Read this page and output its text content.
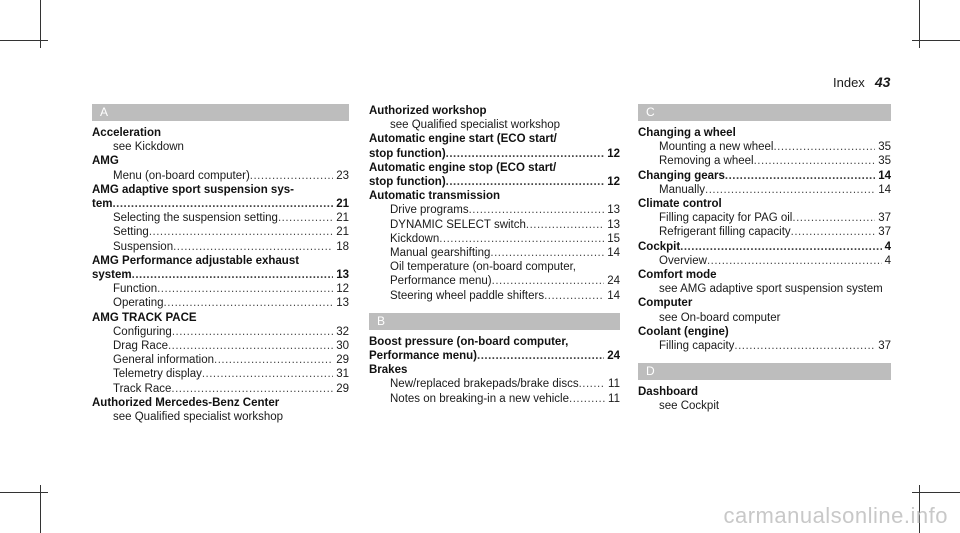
Index 43
A
Acceleration
see Kickdown
AMG
Menu (on-board computer) .....	23
AMG adaptive sport suspension sys-
tem .....	21
Selecting the suspension setting .....	21
Setting .....	21
Suspension .....	18
AMG Performance adjustable exhaust
system .....	13
Function .....	12
Operating .....	13
AMG TRACK PACE
Configuring .....	32
Drag Race .....	30
General information .....	29
Telemetry display .....	31
Track Race .....	29
Authorized Mercedes-Benz Center
see Qualified specialist workshop
Authorized workshop
see Qualified specialist workshop
Automatic engine start (ECO start/
stop function) .....	12
Automatic engine stop (ECO start/
stop function) .....	12
Automatic transmission
Drive programs .....	13
DYNAMIC SELECT switch .....	13
Kickdown .....	15
Manual gearshifting .....	14
Oil temperature (on-board computer,
Performance menu) .....	24
Steering wheel paddle shifters .....	14
B
Boost pressure (on-board computer,
Performance menu) .....	24
Brakes
New/replaced brakepads/brake discs .....	11
Notes on breaking-in a new vehicle .....	11
C
Changing a wheel
Mounting a new wheel .....	35
Removing a wheel .....	35
Changing gears .....	14
Manually .....	14
Climate control
Filling capacity for PAG oil .....	37
Refrigerant filling capacity .....	37
Cockpit .....	4
Overview .....	4
Comfort mode
see AMG adaptive sport suspension system
Computer
see On-board computer
Coolant (engine)
Filling capacity .....	37
D
Dashboard
see Cockpit
carmanualsonline.info
